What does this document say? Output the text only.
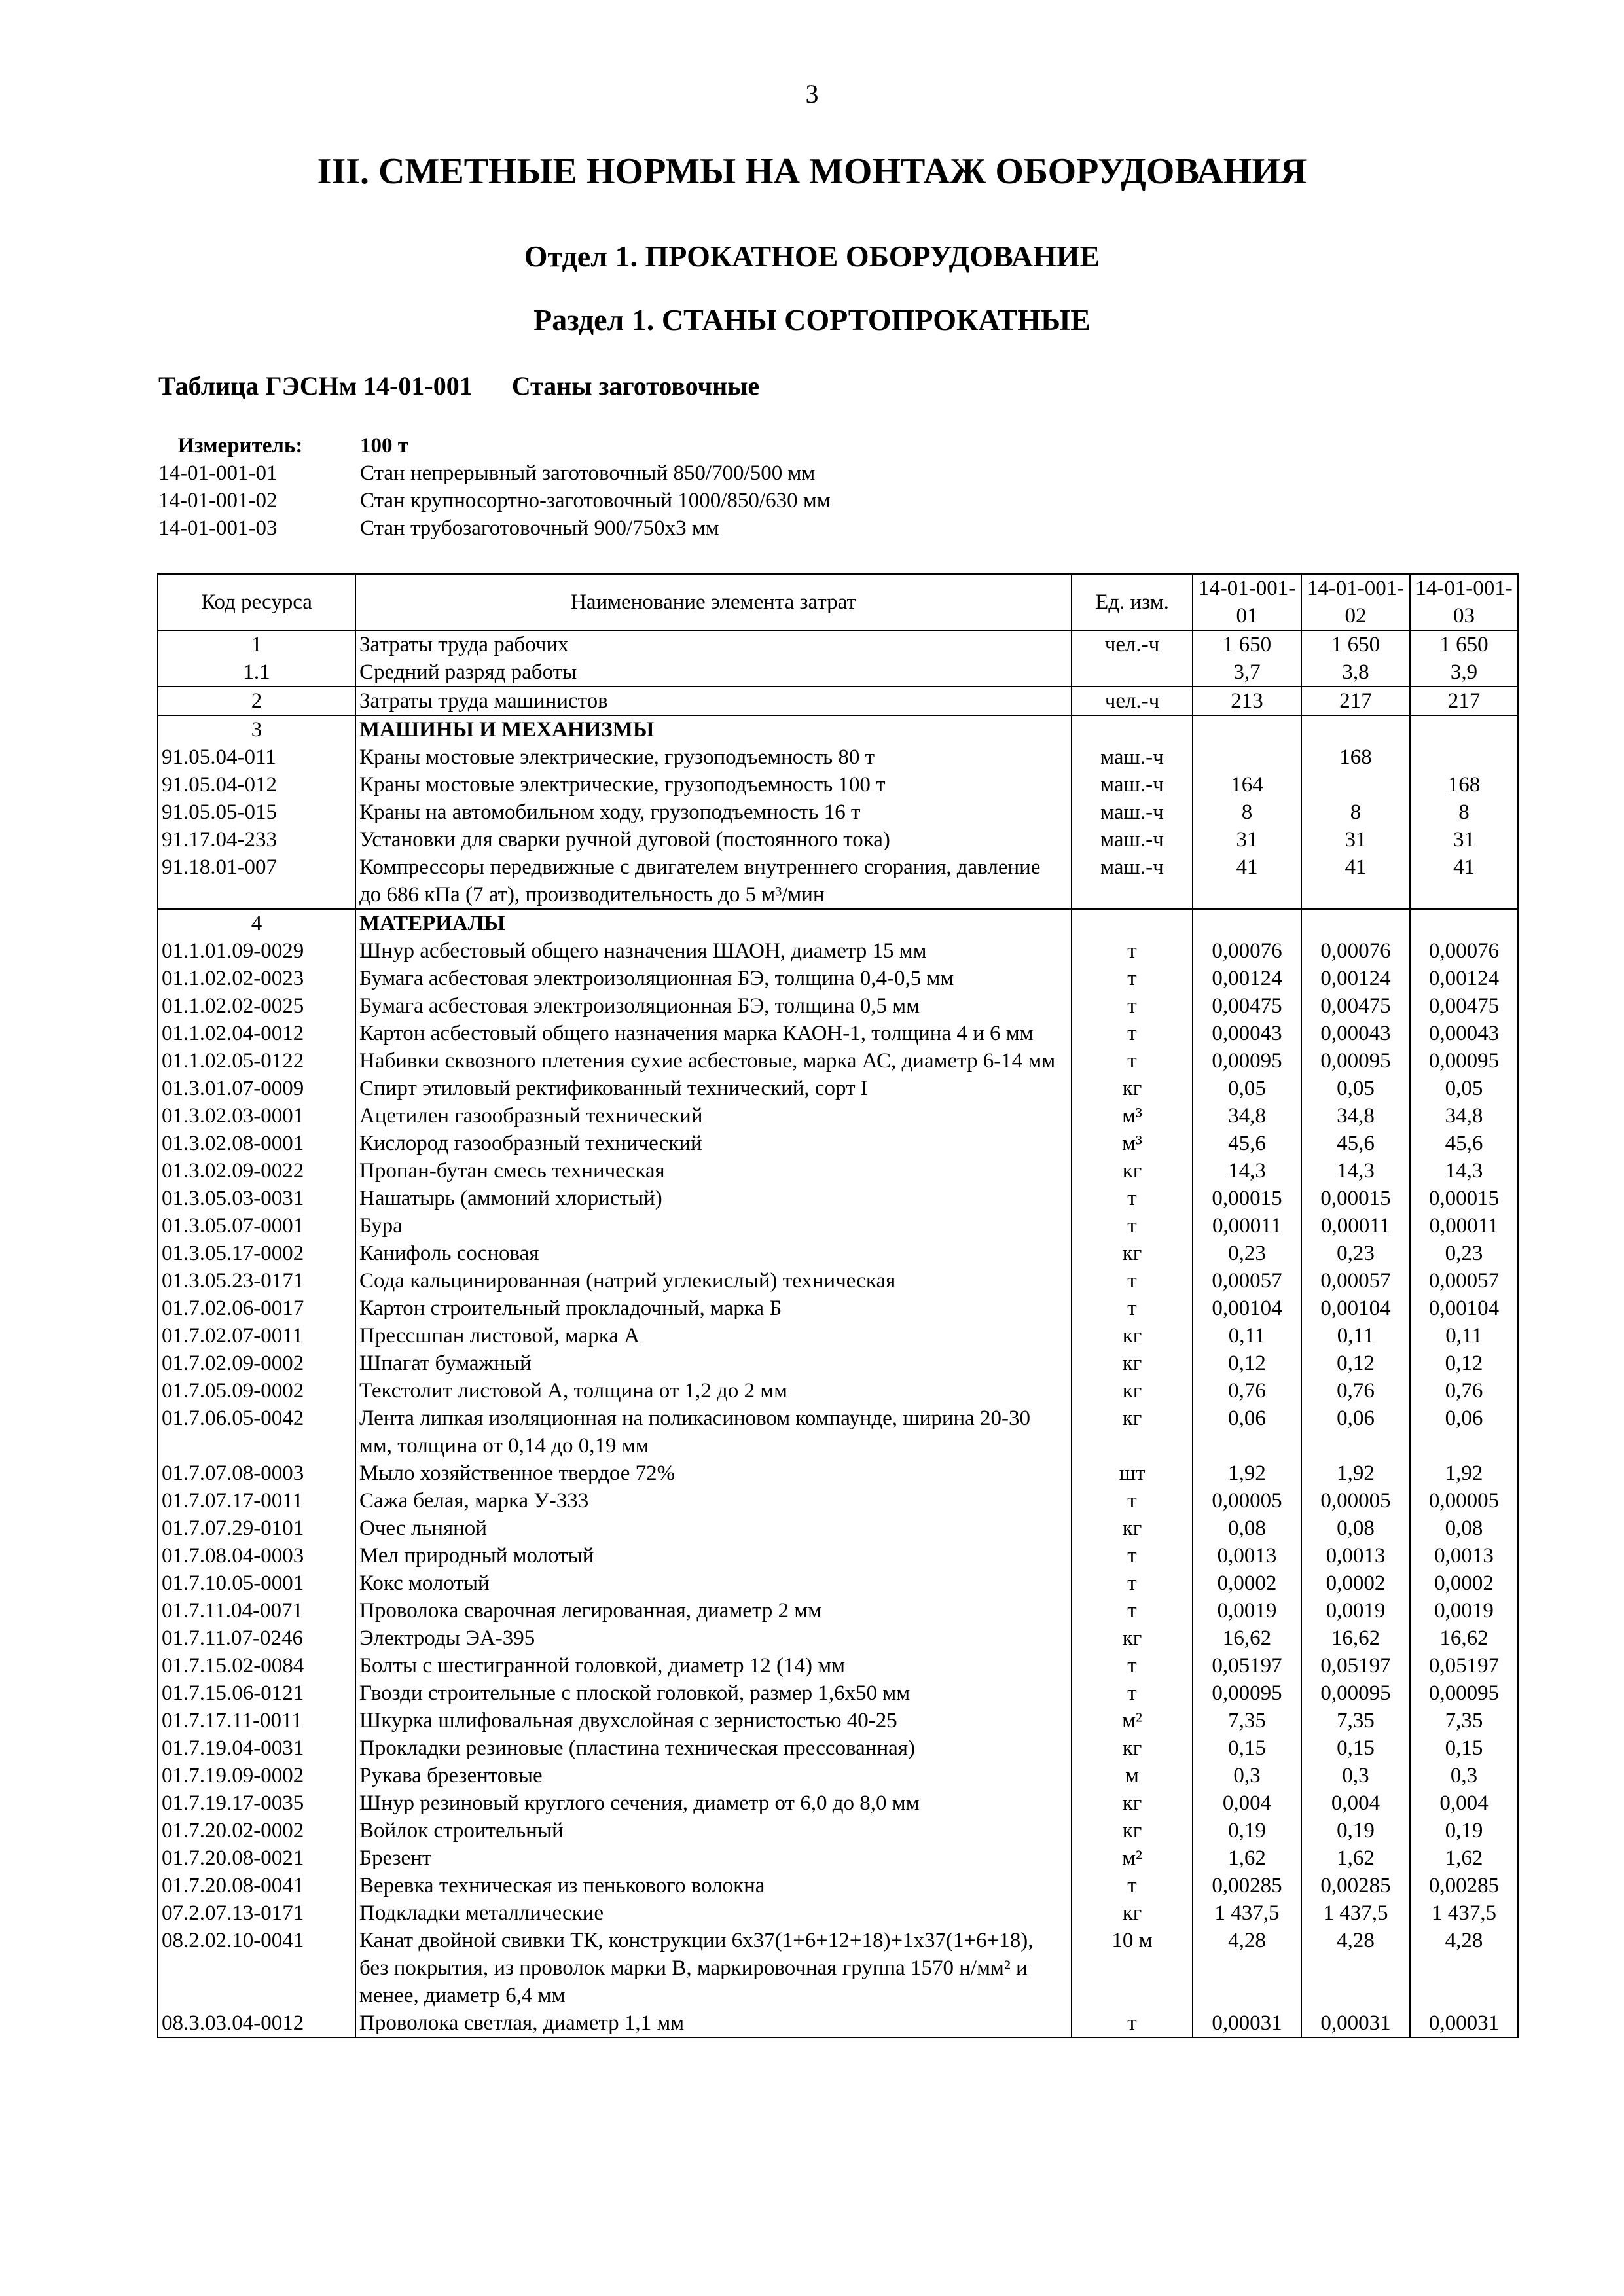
3
III. СМЕТНЫЕ НОРМЫ НА МОНТАЖ ОБОРУДОВАНИЯ
Отдел 1. ПРОКАТНОЕ ОБОРУДОВАНИЕ
Раздел 1. СТАНЫ СОРТОПРОКАТНЫЕ
Таблица ГЭСНм 14-01-001 Станы заготовочные
Измеритель:	100 т
14-01-001-01	Стан непрерывный заготовочный 850/700/500 мм
14-01-001-02	Стан крупносортно-заготовочный 1000/850/630 мм
14-01-001-03	Стан трубозаготовочный 900/750х3 мм
Код ресурса	Наименование элемента затрат	Ед. изм.	14-01-001-01	14-01-001-02	14-01-001-03
1	Затраты труда рабочих	чел.-ч	1 650	1 650	1 650
1.1	Средний разряд работы		3,7	3,8	3,9
2	Затраты труда машинистов	чел.-ч	213	217	217
3	МАШИНЫ И МЕХАНИЗМЫ				
91.05.04-011	Краны мостовые электрические, грузоподъемность 80 т	маш.-ч		168	
91.05.04-012	Краны мостовые электрические, грузоподъемность 100 т	маш.-ч	164		168
91.05.05-015	Краны на автомобильном ходу, грузоподъемность 16 т	маш.-ч	8	8	8
91.17.04-233	Установки для сварки ручной дуговой (постоянного тока)	маш.-ч	31	31	31
91.18.01-007	Компрессоры передвижные с двигателем внутреннего сгорания, давление до 686 кПа (7 ат), производительность до 5 м³/мин	маш.-ч	41	41	41
4	МАТЕРИАЛЫ				
01.1.01.09-0029	Шнур асбестовый общего назначения ШАОН, диаметр 15 мм	т	0,00076	0,00076	0,00076
01.1.02.02-0023	Бумага асбестовая электроизоляционная БЭ, толщина 0,4-0,5 мм	т	0,00124	0,00124	0,00124
01.1.02.02-0025	Бумага асбестовая электроизоляционная БЭ, толщина 0,5 мм	т	0,00475	0,00475	0,00475
01.1.02.04-0012	Картон асбестовый общего назначения марка КАОН-1, толщина 4 и 6 мм	т	0,00043	0,00043	0,00043
01.1.02.05-0122	Набивки сквозного плетения сухие асбестовые, марка АС, диаметр 6-14 мм	т	0,00095	0,00095	0,00095
01.3.01.07-0009	Спирт этиловый ректификованный технический, сорт I	кг	0,05	0,05	0,05
01.3.02.03-0001	Ацетилен газообразный технический	м³	34,8	34,8	34,8
01.3.02.08-0001	Кислород газообразный технический	м³	45,6	45,6	45,6
01.3.02.09-0022	Пропан-бутан смесь техническая	кг	14,3	14,3	14,3
01.3.05.03-0031	Нашатырь (аммоний хлористый)	т	0,00015	0,00015	0,00015
01.3.05.07-0001	Бура	т	0,00011	0,00011	0,00011
01.3.05.17-0002	Канифоль сосновая	кг	0,23	0,23	0,23
01.3.05.23-0171	Сода кальцинированная (натрий углекислый) техническая	т	0,00057	0,00057	0,00057
01.7.02.06-0017	Картон строительный прокладочный, марка Б	т	0,00104	0,00104	0,00104
01.7.02.07-0011	Прессшпан листовой, марка А	кг	0,11	0,11	0,11
01.7.02.09-0002	Шпагат бумажный	кг	0,12	0,12	0,12
01.7.05.09-0002	Текстолит листовой А, толщина от 1,2 до 2 мм	кг	0,76	0,76	0,76
01.7.06.05-0042	Лента липкая изоляционная на поликасиновом компаунде, ширина 20-30 мм, толщина от 0,14 до 0,19 мм	кг	0,06	0,06	0,06
01.7.07.08-0003	Мыло хозяйственное твердое 72%	шт	1,92	1,92	1,92
01.7.07.17-0011	Сажа белая, марка У-333	т	0,00005	0,00005	0,00005
01.7.07.29-0101	Очес льняной	кг	0,08	0,08	0,08
01.7.08.04-0003	Мел природный молотый	т	0,0013	0,0013	0,0013
01.7.10.05-0001	Кокс молотый	т	0,0002	0,0002	0,0002
01.7.11.04-0071	Проволока сварочная легированная, диаметр 2 мм	т	0,0019	0,0019	0,0019
01.7.11.07-0246	Электроды ЭА-395	кг	16,62	16,62	16,62
01.7.15.02-0084	Болты с шестигранной головкой, диаметр 12 (14) мм	т	0,05197	0,05197	0,05197
01.7.15.06-0121	Гвозди строительные с плоской головкой, размер 1,6х50 мм	т	0,00095	0,00095	0,00095
01.7.17.11-0011	Шкурка шлифовальная двухслойная с зернистостью 40-25	м²	7,35	7,35	7,35
01.7.19.04-0031	Прокладки резиновые (пластина техническая прессованная)	кг	0,15	0,15	0,15
01.7.19.09-0002	Рукава брезентовые	м	0,3	0,3	0,3
01.7.19.17-0035	Шнур резиновый круглого сечения, диаметр от 6,0 до 8,0 мм	кг	0,004	0,004	0,004
01.7.20.02-0002	Войлок строительный	кг	0,19	0,19	0,19
01.7.20.08-0021	Брезент	м²	1,62	1,62	1,62
01.7.20.08-0041	Веревка техническая из пенькового волокна	т	0,00285	0,00285	0,00285
07.2.07.13-0171	Подкладки металлические	кг	1 437,5	1 437,5	1 437,5
08.2.02.10-0041	Канат двойной свивки ТК, конструкции 6х37(1+6+12+18)+1х37(1+6+18), без покрытия, из проволок марки В, маркировочная группа 1570 н/мм² и менее, диаметр 6,4 мм	10 м	4,28	4,28	4,28
08.3.03.04-0012	Проволока светлая, диаметр 1,1 мм	т	0,00031	0,00031	0,00031
